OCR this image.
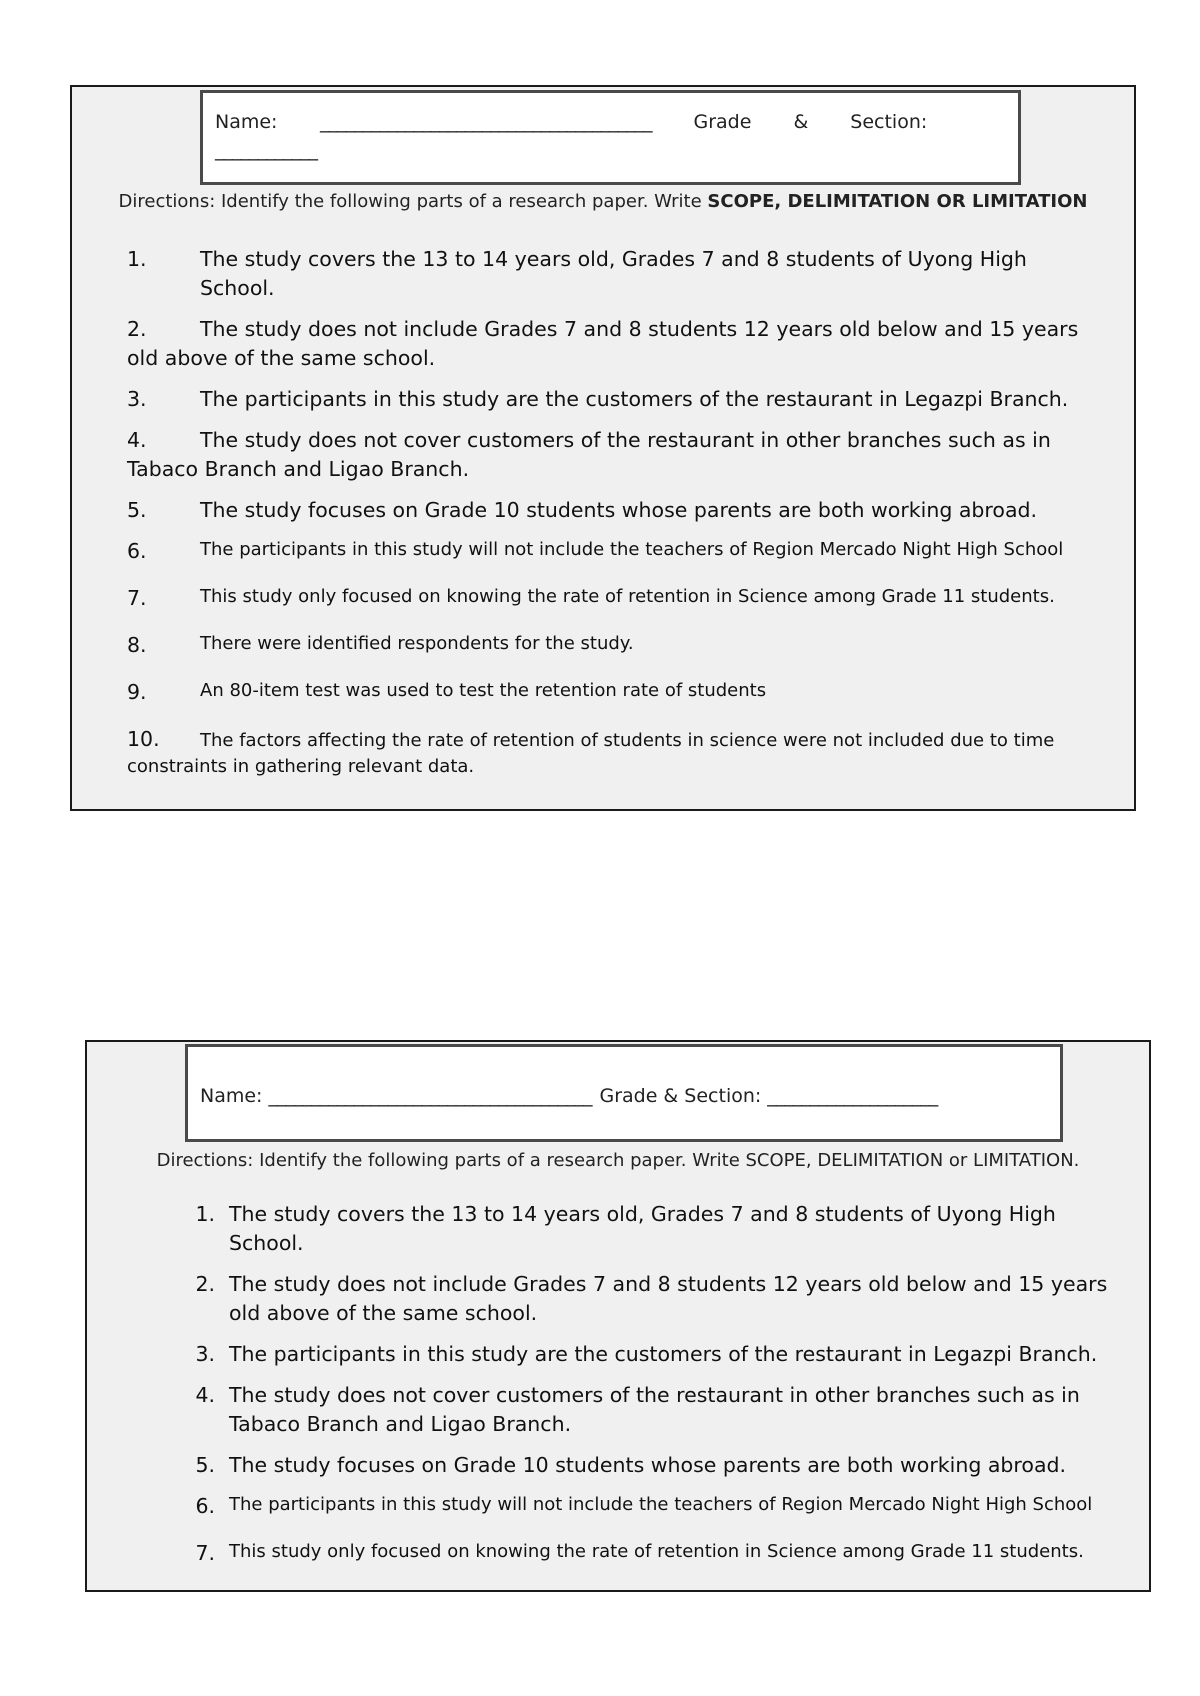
Name:	_______________________________________ Grade & Section:
____________
Directions: Identify the following parts of a research paper. Write SCOPE, DELIMITATION OR LIMITATION
1.	The study covers the 13 to 14 years old, Grades 7 and 8 students of Uyong High School.
2.	The study does not include Grades 7 and 8 students 12 years old below and 15 years old above of the same school.
3.	The participants in this study are the customers of the restaurant in Legazpi Branch.
4.	The study does not cover customers of the restaurant in other branches such as in Tabaco Branch and Ligao Branch.
5.	The study focuses on Grade 10 students whose parents are both working abroad.
6.	The participants in this study will not include the teachers of Region Mercado Night High School
7.	This study only focused on knowing the rate of retention in Science among Grade 11 students.
8.	There were identified respondents for the study.
9.	An 80-item test was used to test the retention rate of students
10. The factors affecting the rate of retention of students in science were not included due to time constraints in gathering relevant data.
Name: ______________________________________ Grade & Section: ____________________
Directions: Identify the following parts of a research paper. Write SCOPE, DELIMITATION or LIMITATION.
1. The study covers the 13 to 14 years old, Grades 7 and 8 students of Uyong High School.
2. The study does not include Grades 7 and 8 students 12 years old below and 15 years old above of the same school.
3. The participants in this study are the customers of the restaurant in Legazpi Branch.
4. The study does not cover customers of the restaurant in other branches such as in Tabaco Branch and Ligao Branch.
5. The study focuses on Grade 10 students whose parents are both working abroad.
6. The participants in this study will not include the teachers of Region Mercado Night High School
7. This study only focused on knowing the rate of retention in Science among Grade 11 students.
